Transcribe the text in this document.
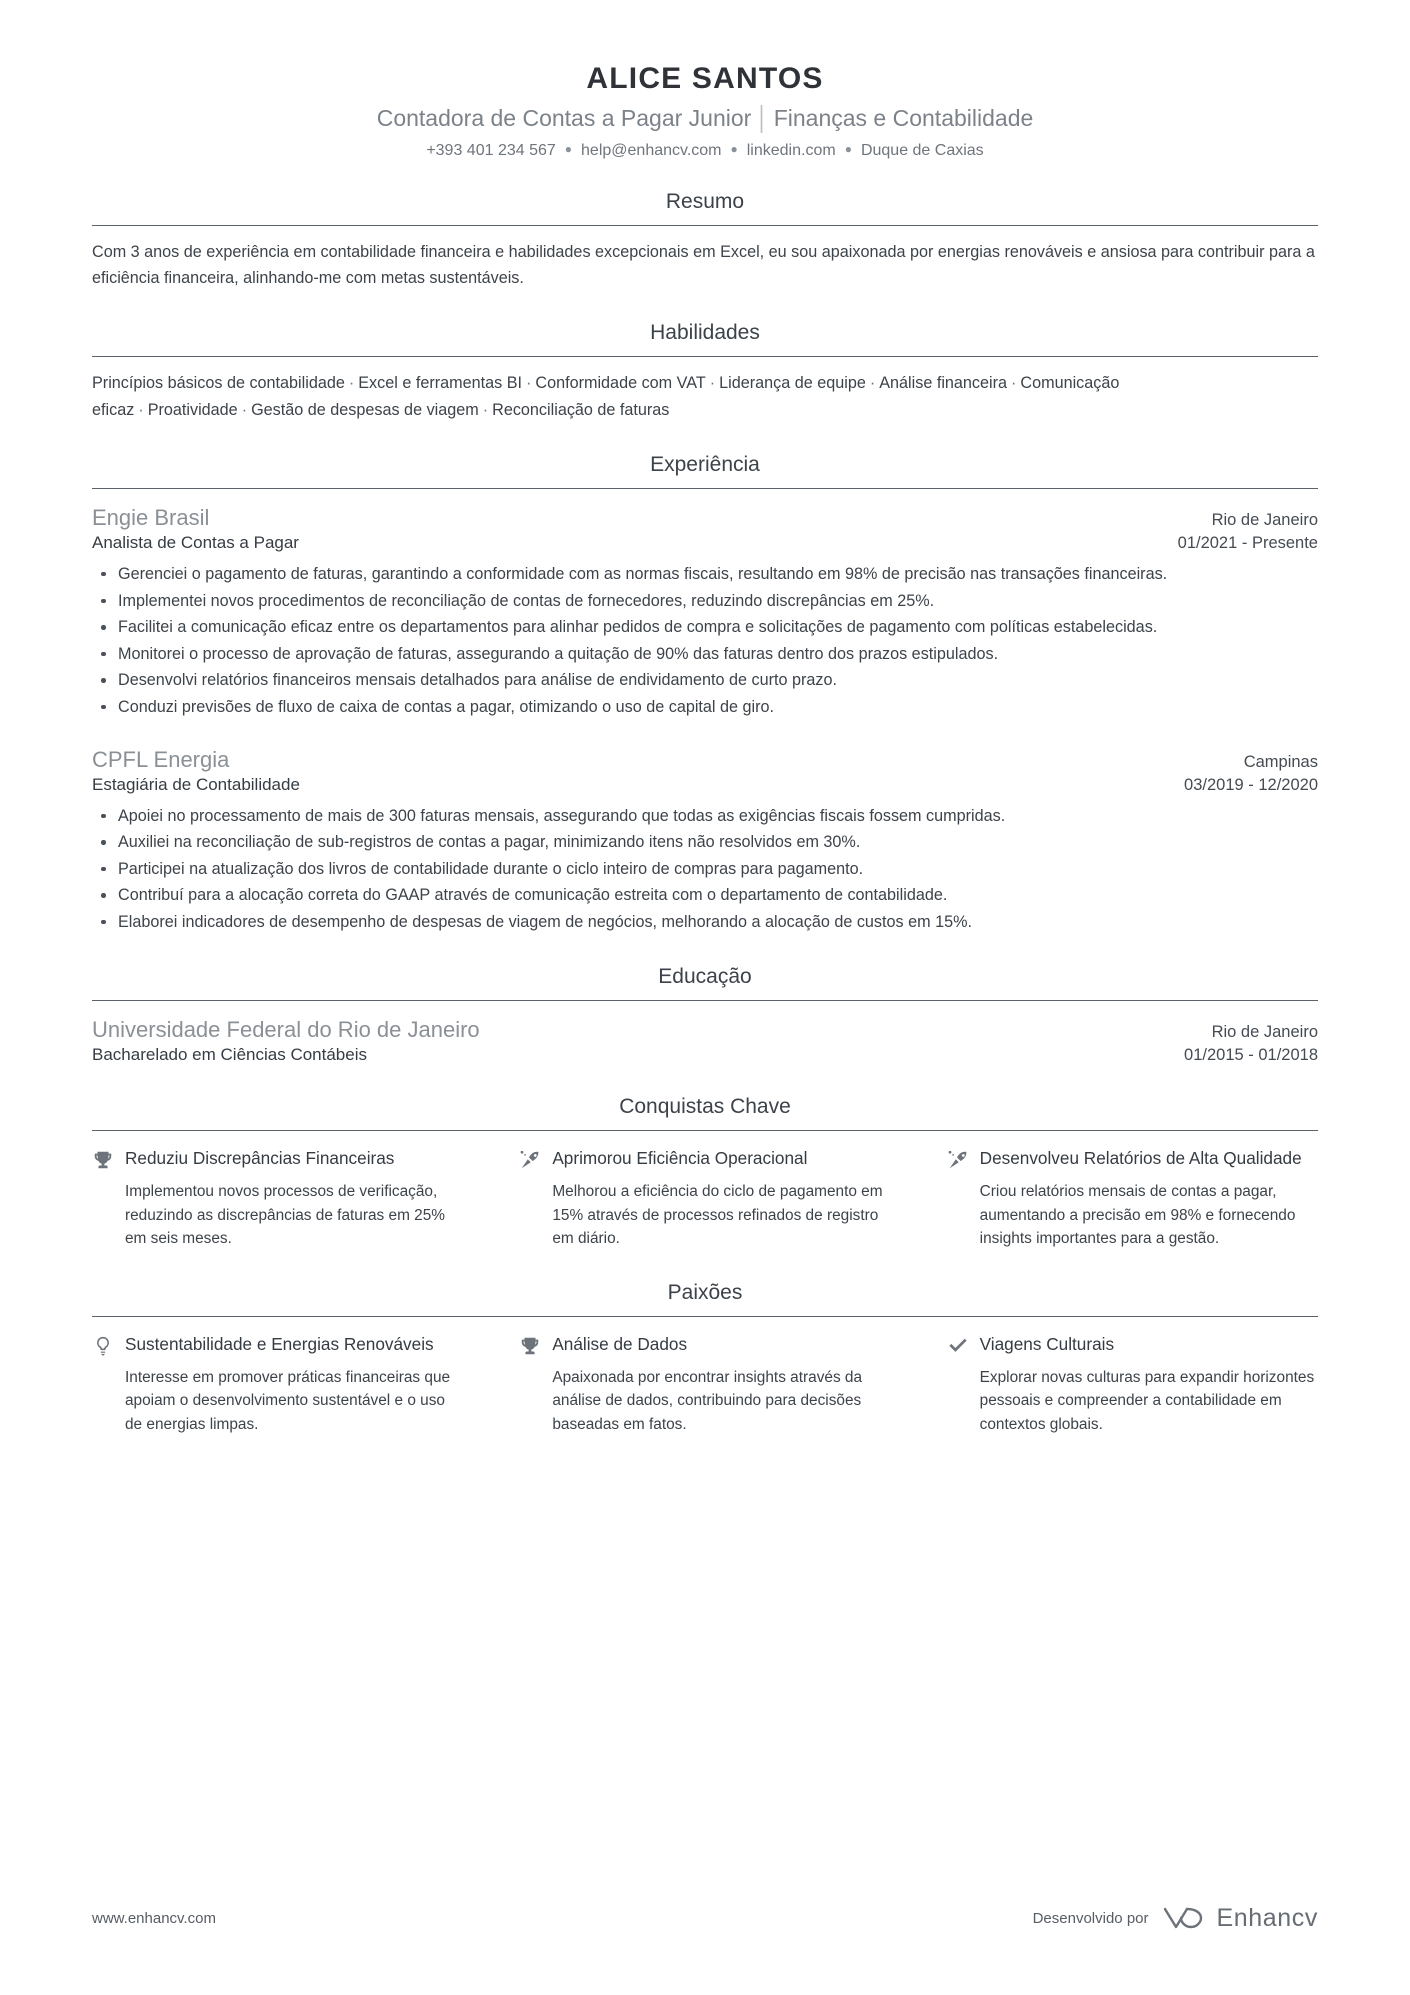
ALICE SANTOS
Contadora de Contas a Pagar Junior │ Finanças e Contabilidade
+393 401 234 567 ● help@enhancv.com ● linkedin.com ● Duque de Caxias
Resumo
Com 3 anos de experiência em contabilidade financeira e habilidades excepcionais em Excel, eu sou apaixonada por energias renováveis e ansiosa para contribuir para a eficiência financeira, alinhando-me com metas sustentáveis.
Habilidades
Princípios básicos de contabilidade · Excel e ferramentas BI · Conformidade com VAT · Liderança de equipe · Análise financeira · Comunicação eficaz · Proatividade · Gestão de despesas de viagem · Reconciliação de faturas
Experiência
Engie Brasil	Rio de Janeiro
Analista de Contas a Pagar	01/2021 - Presente
Gerenciei o pagamento de faturas, garantindo a conformidade com as normas fiscais, resultando em 98% de precisão nas transações financeiras.
Implementei novos procedimentos de reconciliação de contas de fornecedores, reduzindo discrepâncias em 25%.
Facilitei a comunicação eficaz entre os departamentos para alinhar pedidos de compra e solicitações de pagamento com políticas estabelecidas.
Monitorei o processo de aprovação de faturas, assegurando a quitação de 90% das faturas dentro dos prazos estipulados.
Desenvolvi relatórios financeiros mensais detalhados para análise de endividamento de curto prazo.
Conduzi previsões de fluxo de caixa de contas a pagar, otimizando o uso de capital de giro.
CPFL Energia	Campinas
Estagiária de Contabilidade	03/2019 - 12/2020
Apoiei no processamento de mais de 300 faturas mensais, assegurando que todas as exigências fiscais fossem cumpridas.
Auxiliei na reconciliação de sub-registros de contas a pagar, minimizando itens não resolvidos em 30%.
Participei na atualização dos livros de contabilidade durante o ciclo inteiro de compras para pagamento.
Contribuí para a alocação correta do GAAP através de comunicação estreita com o departamento de contabilidade.
Elaborei indicadores de desempenho de despesas de viagem de negócios, melhorando a alocação de custos em 15%.
Educação
Universidade Federal do Rio de Janeiro	Rio de Janeiro
Bacharelado em Ciências Contábeis	01/2015 - 01/2018
Conquistas Chave
Reduziu Discrepâncias Financeiras
Implementou novos processos de verificação, reduzindo as discrepâncias de faturas em 25% em seis meses.
Aprimorou Eficiência Operacional
Melhorou a eficiência do ciclo de pagamento em 15% através de processos refinados de registro em diário.
Desenvolveu Relatórios de Alta Qualidade
Criou relatórios mensais de contas a pagar, aumentando a precisão em 98% e fornecendo insights importantes para a gestão.
Paixões
Sustentabilidade e Energias Renováveis
Interesse em promover práticas financeiras que apoiam o desenvolvimento sustentável e o uso de energias limpas.
Análise de Dados
Apaixonada por encontrar insights através da análise de dados, contribuindo para decisões baseadas em fatos.
Viagens Culturais
Explorar novas culturas para expandir horizontes pessoais e compreender a contabilidade em contextos globais.
www.enhancv.com	Desenvolvido por	Enhancv
